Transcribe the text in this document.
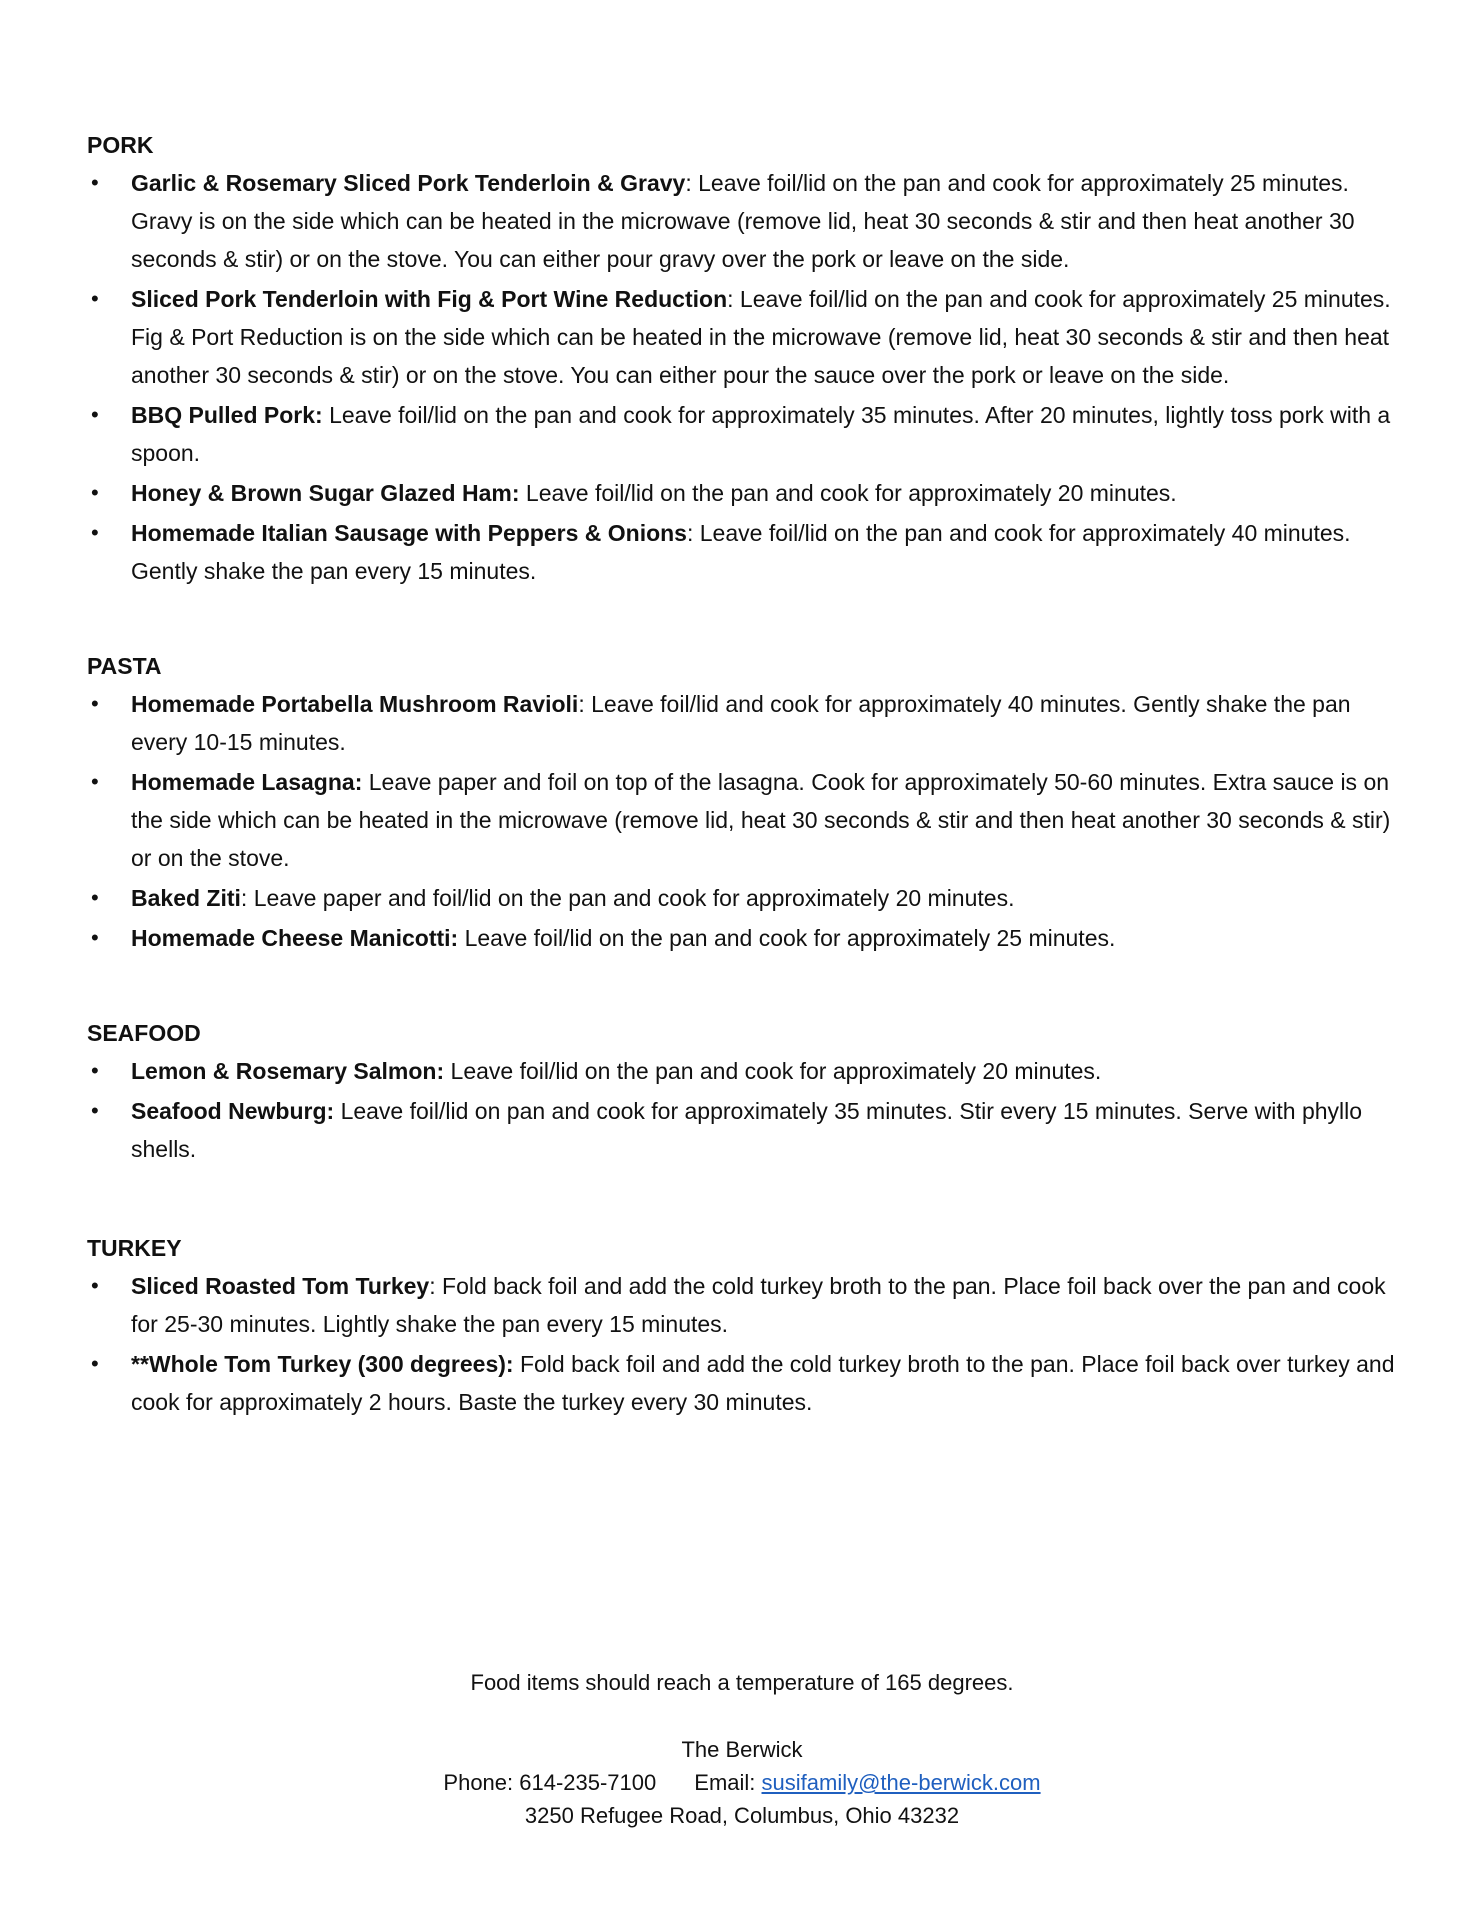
PORK

• Garlic & Rosemary Sliced Pork Tenderloin & Gravy: Leave foil/lid on the pan and cook for approximately 25 minutes. Gravy is on the side which can be heated in the microwave (remove lid, heat 30 seconds & stir and then heat another 30 seconds & stir) or on the stove. You can either pour gravy over the pork or leave on the side.
• Sliced Pork Tenderloin with Fig & Port Wine Reduction: Leave foil/lid on the pan and cook for approximately 25 minutes. Fig & Port Reduction is on the side which can be heated in the microwave (remove lid, heat 30 seconds & stir and then heat another 30 seconds & stir) or on the stove. You can either pour the sauce over the pork or leave on the side.
• BBQ Pulled Pork: Leave foil/lid on the pan and cook for approximately 35 minutes. After 20 minutes, lightly toss pork with a spoon.
• Honey & Brown Sugar Glazed Ham: Leave foil/lid on the pan and cook for approximately 20 minutes.
• Homemade Italian Sausage with Peppers & Onions: Leave foil/lid on the pan and cook for approximately 40 minutes. Gently shake the pan every 15 minutes.

PASTA

• Homemade Portabella Mushroom Ravioli: Leave foil/lid and cook for approximately 40 minutes. Gently shake the pan every 10-15 minutes.
• Homemade Lasagna: Leave paper and foil on top of the lasagna. Cook for approximately 50-60 minutes. Extra sauce is on the side which can be heated in the microwave (remove lid, heat 30 seconds & stir and then heat another 30 seconds & stir) or on the stove.
• Baked Ziti: Leave paper and foil/lid on the pan and cook for approximately 20 minutes.
• Homemade Cheese Manicotti: Leave foil/lid on the pan and cook for approximately 25 minutes.

SEAFOOD

• Lemon & Rosemary Salmon: Leave foil/lid on the pan and cook for approximately 20 minutes.
• Seafood Newburg: Leave foil/lid on pan and cook for approximately 35 minutes. Stir every 15 minutes. Serve with phyllo shells.

TURKEY

• Sliced Roasted Tom Turkey: Fold back foil and add the cold turkey broth to the pan. Place foil back over the pan and cook for 25-30 minutes. Lightly shake the pan every 15 minutes.
• **Whole Tom Turkey (300 degrees): Fold back foil and add the cold turkey broth to the pan. Place foil back over turkey and cook for approximately 2 hours. Baste the turkey every 30 minutes.

Food items should reach a temperature of 165 degrees.

The Berwick

Phone: 614-235-7100 Email: susifamily@the-berwick.com

3250 Refugee Road, Columbus, Ohio 43232
